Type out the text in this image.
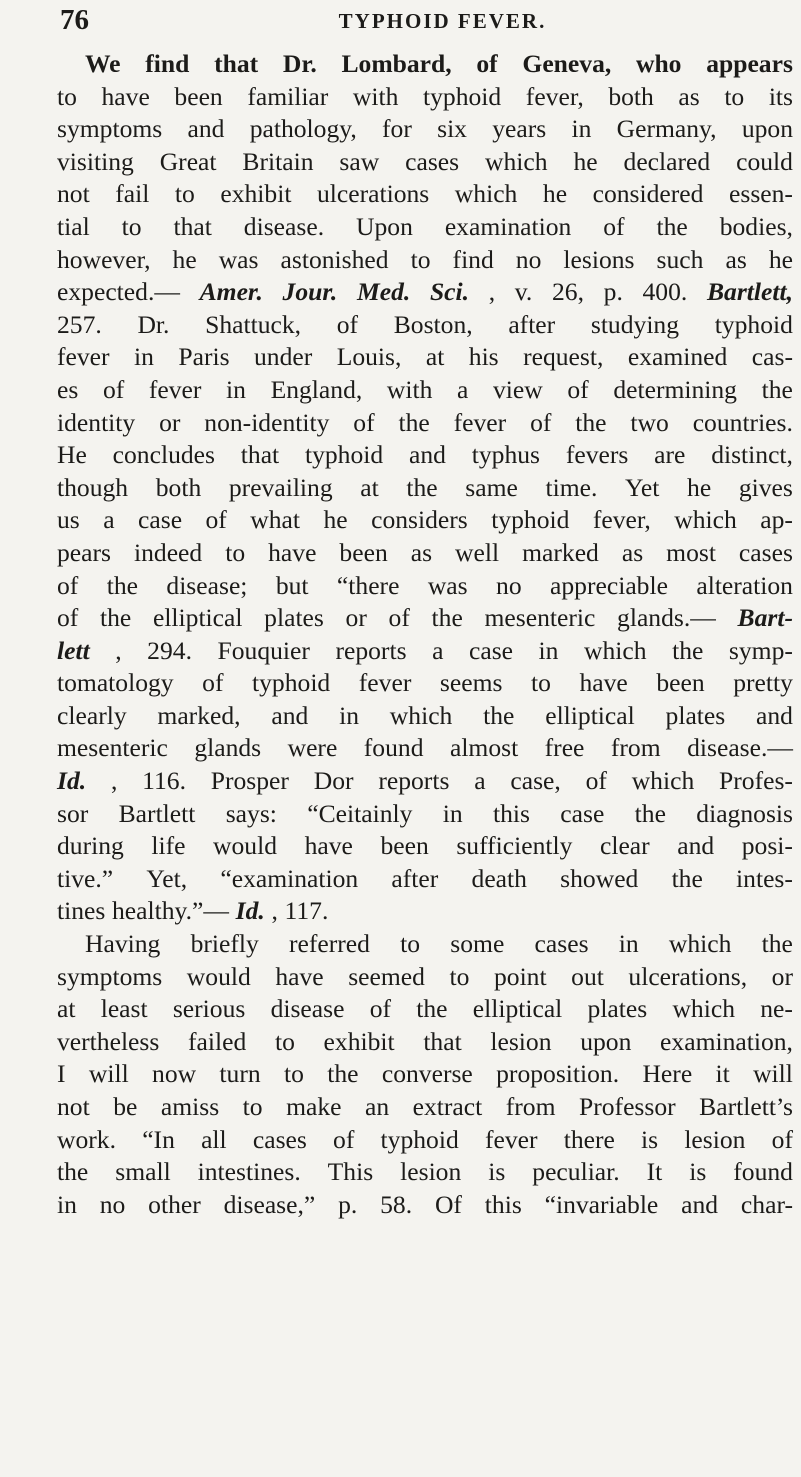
76	TYPHOID FEVER.
We find that Dr. Lombard, of Geneva, who appears
to have been familiar with typhoid fever, both as to its
symptoms and pathology, for six years in Germany, upon
visiting Great Britain saw cases which he declared could
not fail to exhibit ulcerations which he considered essen-
tial to that disease. Upon examination of the bodies,
however, he was astonished to find no lesions such as he
expected.— Amer. Jour. Med. Sci. , v. 26, p. 400. Bartlett,
257. Dr. Shattuck, of Boston, after studying typhoid
fever in Paris under Louis, at his request, examined cas-
es of fever in England, with a view of determining the
identity or non-identity of the fever of the two countries.
He concludes that typhoid and typhus fevers are distinct,
though both prevailing at the same time. Yet he gives
us a case of what he considers typhoid fever, which ap-
pears indeed to have been as well marked as most cases
of the disease; but “there was no appreciable alteration
of the elliptical plates or of the mesenteric glands.— Bart-
lett , 294. Fouquier reports a case in which the symp-
tomatology of typhoid fever seems to have been pretty
clearly marked, and in which the elliptical plates and
mesenteric glands were found almost free from disease.—
Id. , 116. Prosper Dor reports a case, of which Profes-
sor Bartlett says: “Ceitainly in this case the diagnosis
during life would have been sufficiently clear and posi-
tive.” Yet, “examination after death showed the intes-
tines healthy.”— Id. , 117.
Having briefly referred to some cases in which the
symptoms would have seemed to point out ulcerations, or
at least serious disease of the elliptical plates which ne-
vertheless failed to exhibit that lesion upon examination,
I will now turn to the converse proposition. Here it will
not be amiss to make an extract from Professor Bartlett’s
work. “In all cases of typhoid fever there is lesion of
the small intestines. This lesion is peculiar. It is found
in no other disease,” p. 58. Of this “invariable and char-
